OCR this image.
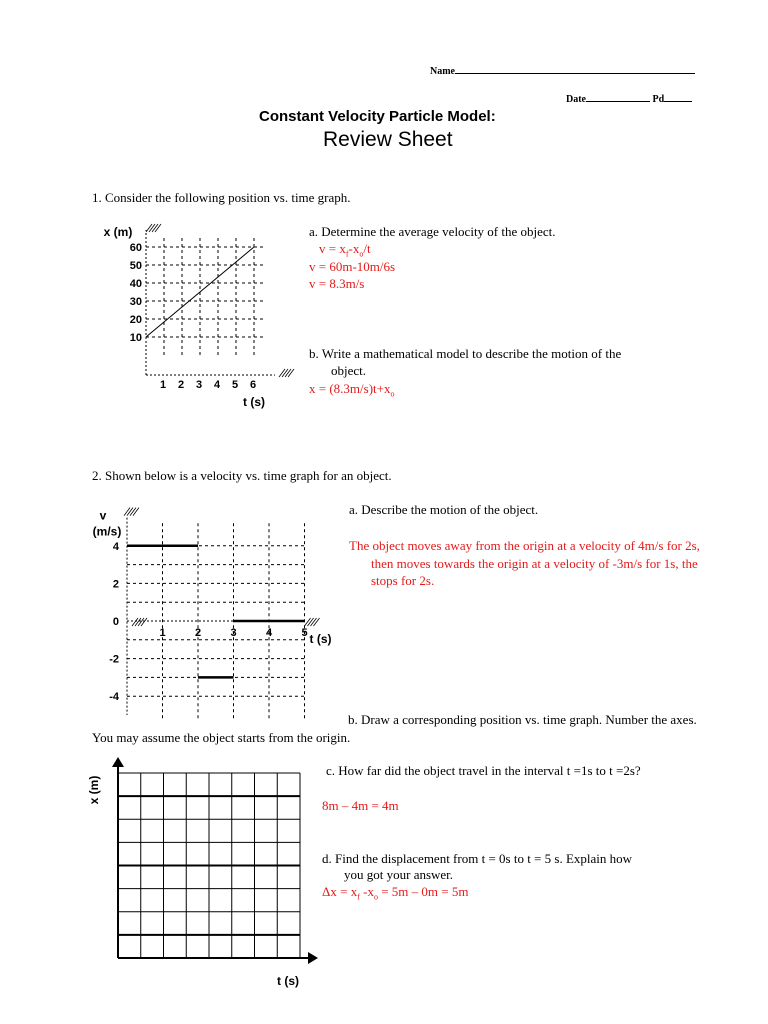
Name
Date	Pd
Constant Velocity Particle Model:
Review Sheet
1. Consider the following position vs. time graph.
a. Determine the average velocity of the object.
$v = x_f-x_o/t$
v = 60m-10m/6s
v = 8.3m/s
b. Write a mathematical model to describe the motion of the
object.
$x = (8.3m/s)t+x_o$
10
20
30
40
50
60
1 2 3 4 5 6
x (m)
t (s)
4
2
0
-2
-4
1	2	3	4	5
v
(m/s)
t (s)
x (m)
t (s)
2. Shown below is a velocity vs. time graph for an object.
a. Describe the motion of the object.
The object moves away from the origin at a velocity of 4m/s for 2s, then moves towards the origin at a velocity of -3m/s for 1s, the stops for 2s.
b. Draw a corresponding position vs. time graph. Number the axes. You may assume the object starts from the origin.
c. How far did the object travel in the interval t =1s to t =2s?
8m – 4m = 4m
d. Find the displacement from t = 0s to t = 5 s. Explain how
you got your answer.
$\Delta x = x_f$ $-x_o = 5m - 0m = 5m$
